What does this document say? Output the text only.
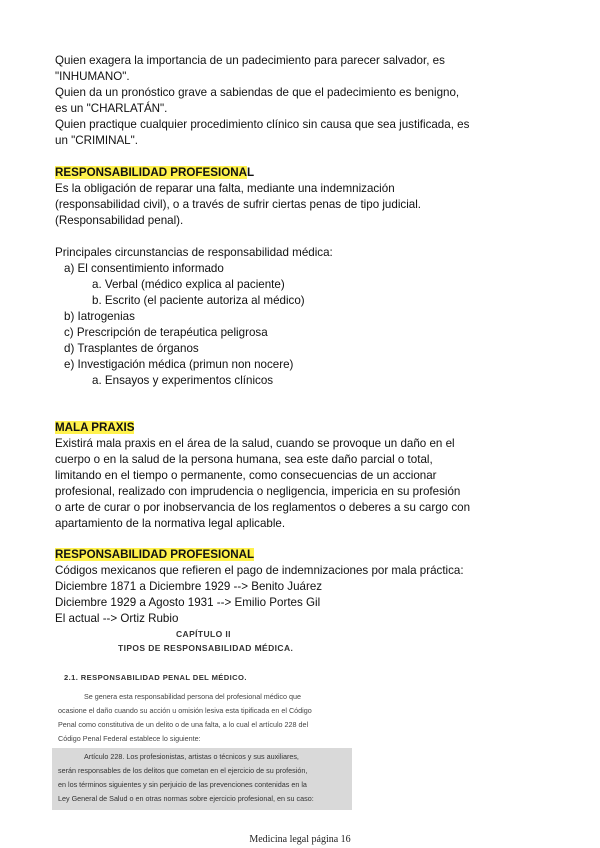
Quien exagera la importancia de un padecimiento para parecer salvador, es
"INHUMANO".
Quien da un pronóstico grave a sabiendas de que el padecimiento es benigno,
es un "CHARLATÁN".
Quien practique cualquier procedimiento clínico sin causa que sea justificada, es
un "CRIMINAL".
RESPONSABILIDAD PROFESIONAL
Es la obligación de reparar una falta, mediante una indemnización
(responsabilidad civil), o a través de sufrir ciertas penas de tipo judicial.
(Responsabilidad penal).
Principales circunstancias de responsabilidad médica:
a) El consentimiento informado
a. Verbal (médico explica al paciente)
b. Escrito (el paciente autoriza al médico)
b) Iatrogenias
c) Prescripción de terapéutica peligrosa
d) Trasplantes de órganos
e) Investigación médica (primun non nocere)
a. Ensayos y experimentos clínicos
MALA PRAXIS
Existirá mala praxis en el área de la salud, cuando se provoque un daño en el
cuerpo o en la salud de la persona humana, sea este daño parcial o total,
limitando en el tiempo o permanente, como consecuencias de un accionar
profesional, realizado con imprudencia o negligencia, impericia en su profesión
o arte de curar o por inobservancia de los reglamentos o deberes a su cargo con
apartamiento de la normativa legal aplicable.
RESPONSABILIDAD PROFESIONAL
Códigos mexicanos que refieren el pago de indemnizaciones por mala práctica:
Diciembre 1871 a Diciembre 1929 --> Benito Juárez
Diciembre 1929 a Agosto 1931 --> Emilio Portes Gil
El actual --> Ortiz Rubio
CAPÍTULO II
TIPOS DE RESPONSABILIDAD MÉDICA.
2.1. RESPONSABILIDAD PENAL DEL MÉDICO.
Se genera esta responsabilidad persona del profesional médico que
ocasione el daño cuando su acción u omisión lesiva esta tipificada en el Código
Penal como constitutiva de un delito o de una falta, a lo cual el artículo 228 del
Código Penal Federal establece lo siguiente:
Artículo 228. Los profesionistas, artistas o técnicos y sus auxiliares,
serán responsables de los delitos que cometan en el ejercicio de su profesión,
en los términos siguientes y sin perjuicio de las prevenciones contenidas en la
Ley General de Salud o en otras normas sobre ejercicio profesional, en su caso:
Medicina legal página 16
